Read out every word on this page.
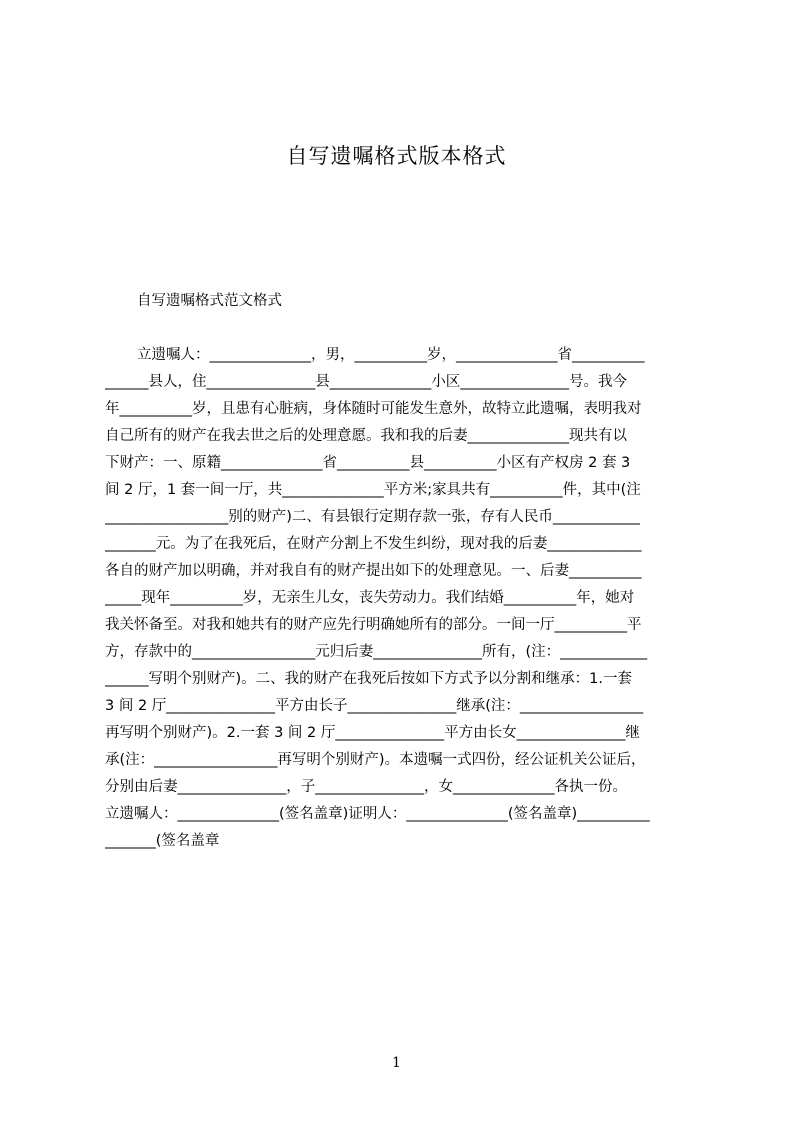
自写遗嘱格式版本格式
自写遗嘱格式范文格式
立遗嘱人：______________，男，__________岁，______________省__________
______县人，住_______________县______________小区_______________号。我今
年__________岁，且患有心脏病，身体随时可能发生意外，故特立此遗嘱，表明我对
自己所有的财产在我去世之后的处理意愿。我和我的后妻______________现共有以
下财产：一、原籍______________省__________县__________小区有产权房 2 套 3
间 2 厅，1 套一间一厅，共______________平方米;家具共有__________件，其中(注
_________________别的财产)二、有县银行定期存款一张，存有人民币____________
_______元。为了在我死后，在财产分割上不发生纠纷，现对我的后妻_____________
各自的财产加以明确，并对我自有的财产提出如下的处理意见。一、后妻__________
_____现年__________岁，无亲生儿女，丧失劳动力。我们结婚__________年，她对
我关怀备至。对我和她共有的财产应先行明确她所有的部分。一间一厅__________平
方，存款中的_________________元归后妻_______________所有，(注：____________
______写明个别财产)。二、我的财产在我死后按如下方式予以分割和继承：1.一套
3 间 2 厅_______________平方由长子_______________继承(注：_________________
再写明个别财产)。2.一套 3 间 2 厅_______________平方由长女_______________继
承(注：_________________再写明个别财产)。本遗嘱一式四份，经公证机关公证后，
分别由后妻_______________，子_______________，女______________各执一份。
立遗嘱人：______________(签名盖章)证明人：______________(签名盖章)__________
_______(签名盖章
1
